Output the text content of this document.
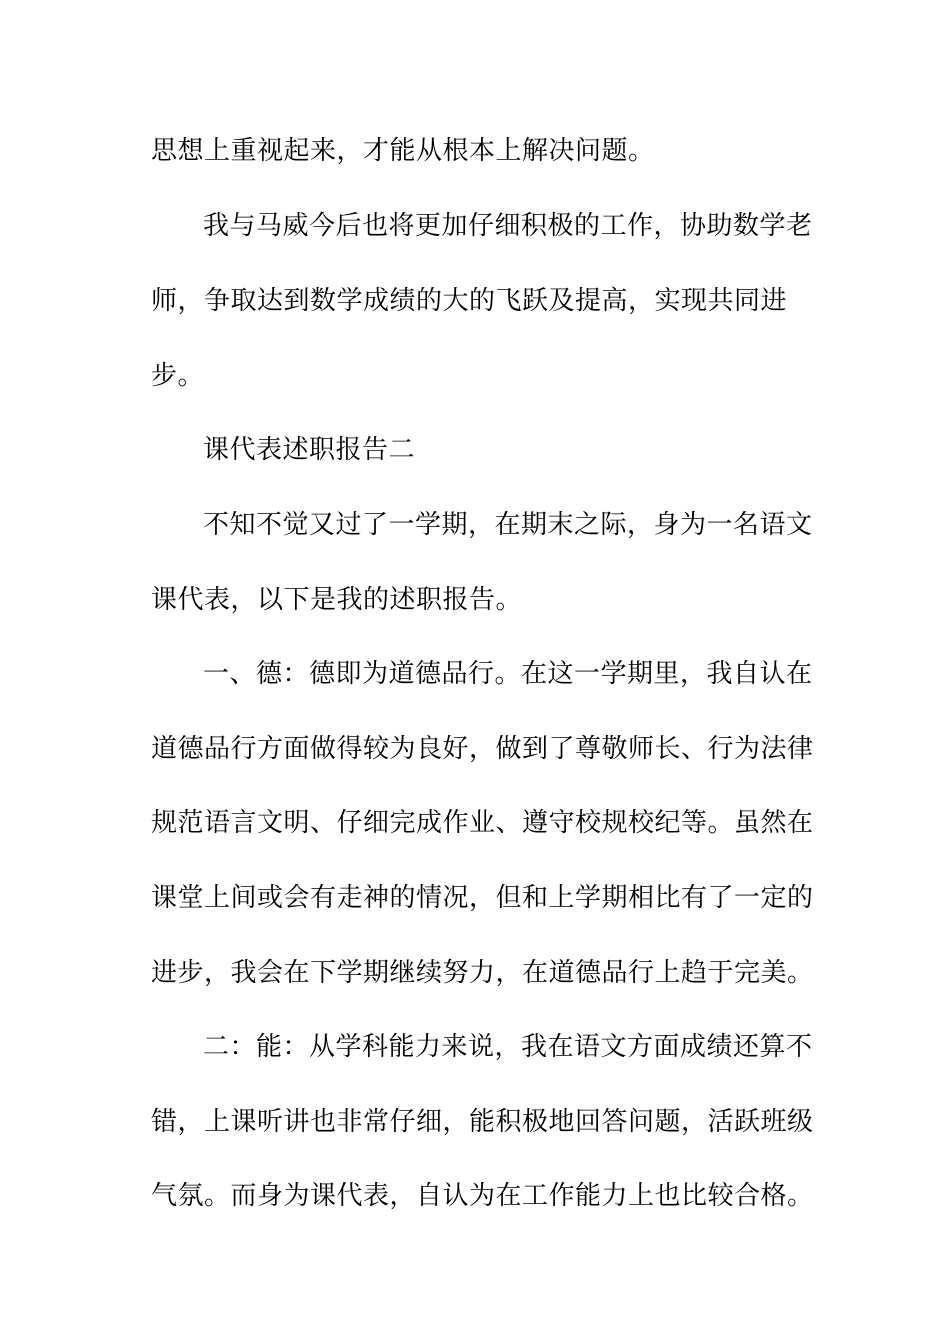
思想上重视起来，才能从根本上解决问题。
我与马威今后也将更加仔细积极的工作，协助数学老
师，争取达到数学成绩的大的飞跃及提高，实现共同进
步。
课代表述职报告二
不知不觉又过了一学期，在期末之际，身为一名语文
课代表，以下是我的述职报告。
一、德：德即为道德品行。在这一学期里，我自认在
道德品行方面做得较为良好，做到了尊敬师长、行为法律
规范语言文明、仔细完成作业、遵守校规校纪等。虽然在
课堂上间或会有走神的情况，但和上学期相比有了一定的
进步，我会在下学期继续努力，在道德品行上趋于完美。
二：能：从学科能力来说，我在语文方面成绩还算不
错，上课听讲也非常仔细，能积极地回答问题，活跃班级
气氛。而身为课代表，自认为在工作能力上也比较合格。
